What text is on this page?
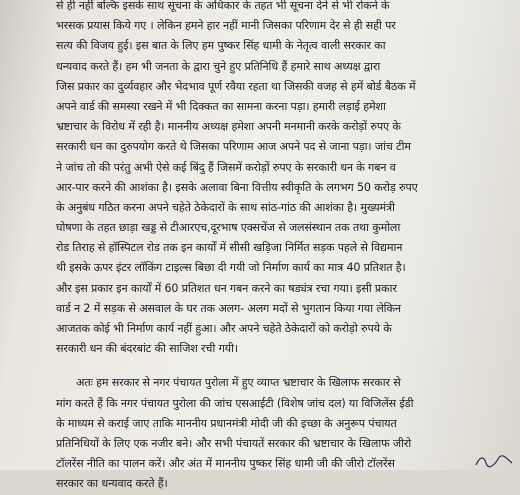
से ही नहीं बल्कि इसके साथ सूचना के अधिकार के तहत भी सूचना देने से भी रोकने के
भरसक प्रयास किये गए । लेकिन हमने हार नहीं मानी जिसका परिणाम देर से ही सही पर
सत्य की विजय हुई। इस बात के लिए हम पुष्कर सिंह धामी के नेतृत्व वाली सरकार का
धन्यवाद करते हैं। हम भी जनता के द्वारा चुने हुए प्रतिनिधि हैं हमारे साथ अध्यक्ष द्वारा
जिस प्रकार का दुर्व्यवहार और भेदभाव पूर्ण रवैया रहता था जिसकी वजह से हमें बोर्ड बैठक में
अपने वार्ड की समस्या रखने में भी दिक्कत का सामना करना पड़ा। हमारी लड़ाई हमेशा
भ्रष्टाचार के विरोध में रही है। माननीय अध्यक्ष हमेशा अपनी मनमानी करके करोड़ों रुपए के
सरकारी धन का दुरुपयोग करते थे जिसका परिणाम आज अपने पद से जाना पड़ा। जांच टीम
ने जांच तो की परंतु अभी ऐसे कई बिंदु हैं जिसमें करोड़ों रुपए के सरकारी धन के गबन व
आर-पार करने की आशंका है। इसके अलावा बिना वित्तीय स्वीकृति के लगभग 50 करोड़ रुपए
के अनुबंध गठित करना अपने चहेते ठेकेदारों के साथ सांठ-गांठ की आशंका है। मुख्यमंत्री
घोषणा के तहत छाड़ा खड्ड से टीआरएच,दूरभाष एक्सचेंज से जलसंस्थान तक तथा कुमोला
रोड तिराह से हॉस्पिटल रोड तक इन कार्यों में सीसी खड़िजा निर्मित सड़क पहले से विद्यमान
थी इसके ऊपर इंटर लॉकिंग टाइल्स बिछा दी गयी जो निर्माण कार्य का मात्र 40 प्रतिशत है।
और इस प्रकार इन कार्यों में 60 प्रतिशत धन गबन करने का षड्यंत्र रचा गया। इसी प्रकार
वार्ड न 2 में सड़क से असवाल के घर तक अलग- अलग मदों से भुगतान किया गया लेकिन
आजतक कोई भी निर्माण कार्य नहीं हुआ। और अपने चहेते ठेकेदारों को करोड़ो रुपये के
सरकारी धन की बंदरबांट की साजिश रची गयी।
अतः हम सरकार से नगर पंचायत पुरोला में हुए व्याप्त भ्रष्टाचार के खिलाफ सरकार से
मांग करते हैं कि नगर पंचायत पुरोला की जांच एसआईटी (विशेष जांच दल) या विजिलेंस ईडी
के माध्यम से कराई जाए ताकि माननीय प्रधानमंत्री मोदी जी की इच्छा के अनुरूप पंचायत
प्रतिनिधियों के लिए एक नजीर बने। और सभी पंचायतें सरकार की भ्रष्टाचार के खिलाफ जीरो
टॉलरेंस नीति का पालन करें। और अंत में माननीय पुष्कर सिंह धामी जी की जीरो टॉलरेंस
सरकार का धन्यवाद करते हैं।
